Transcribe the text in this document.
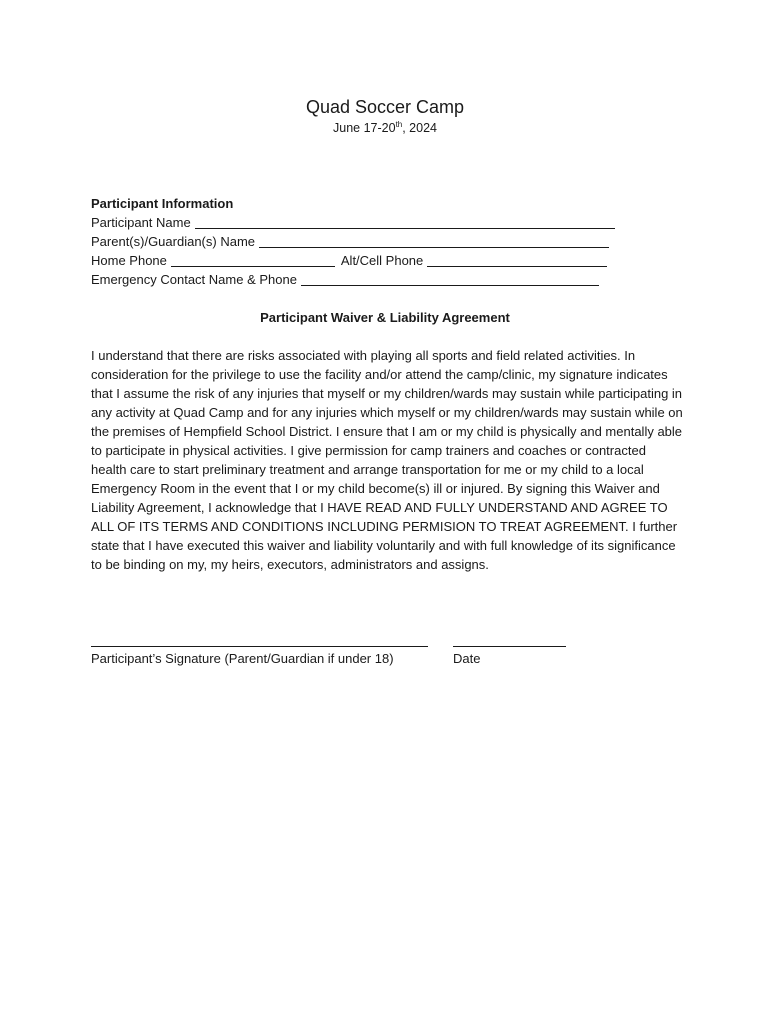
Quad Soccer Camp
June 17-20th, 2024
Participant Information
Participant Name
Parent(s)/Guardian(s) Name
Home Phone	Alt/Cell Phone
Emergency Contact Name & Phone
Participant Waiver & Liability Agreement
I understand that there are risks associated with playing all sports and field related activities. In consideration for the privilege to use the facility and/or attend the camp/clinic, my signature indicates that I assume the risk of any injuries that myself or my children/wards may sustain while participating in any activity at Quad Camp and for any injuries which myself or my children/wards may sustain while on the premises of Hempfield School District. I ensure that I am or my child is physically and mentally able to participate in physical activities. I give permission for camp trainers and coaches or contracted health care to start preliminary treatment and arrange transportation for me or my child to a local Emergency Room in the event that I or my child become(s) ill or injured. By signing this Waiver and Liability Agreement, I acknowledge that I HAVE READ AND FULLY UNDERSTAND AND AGREE TO ALL OF ITS TERMS AND CONDITIONS INCLUDING PERMISION TO TREAT AGREEMENT. I further state that I have executed this waiver and liability voluntarily and with full knowledge of its significance to be binding on my, my heirs, executors, administrators and assigns.
Participant’s Signature (Parent/Guardian if under 18)	Date
